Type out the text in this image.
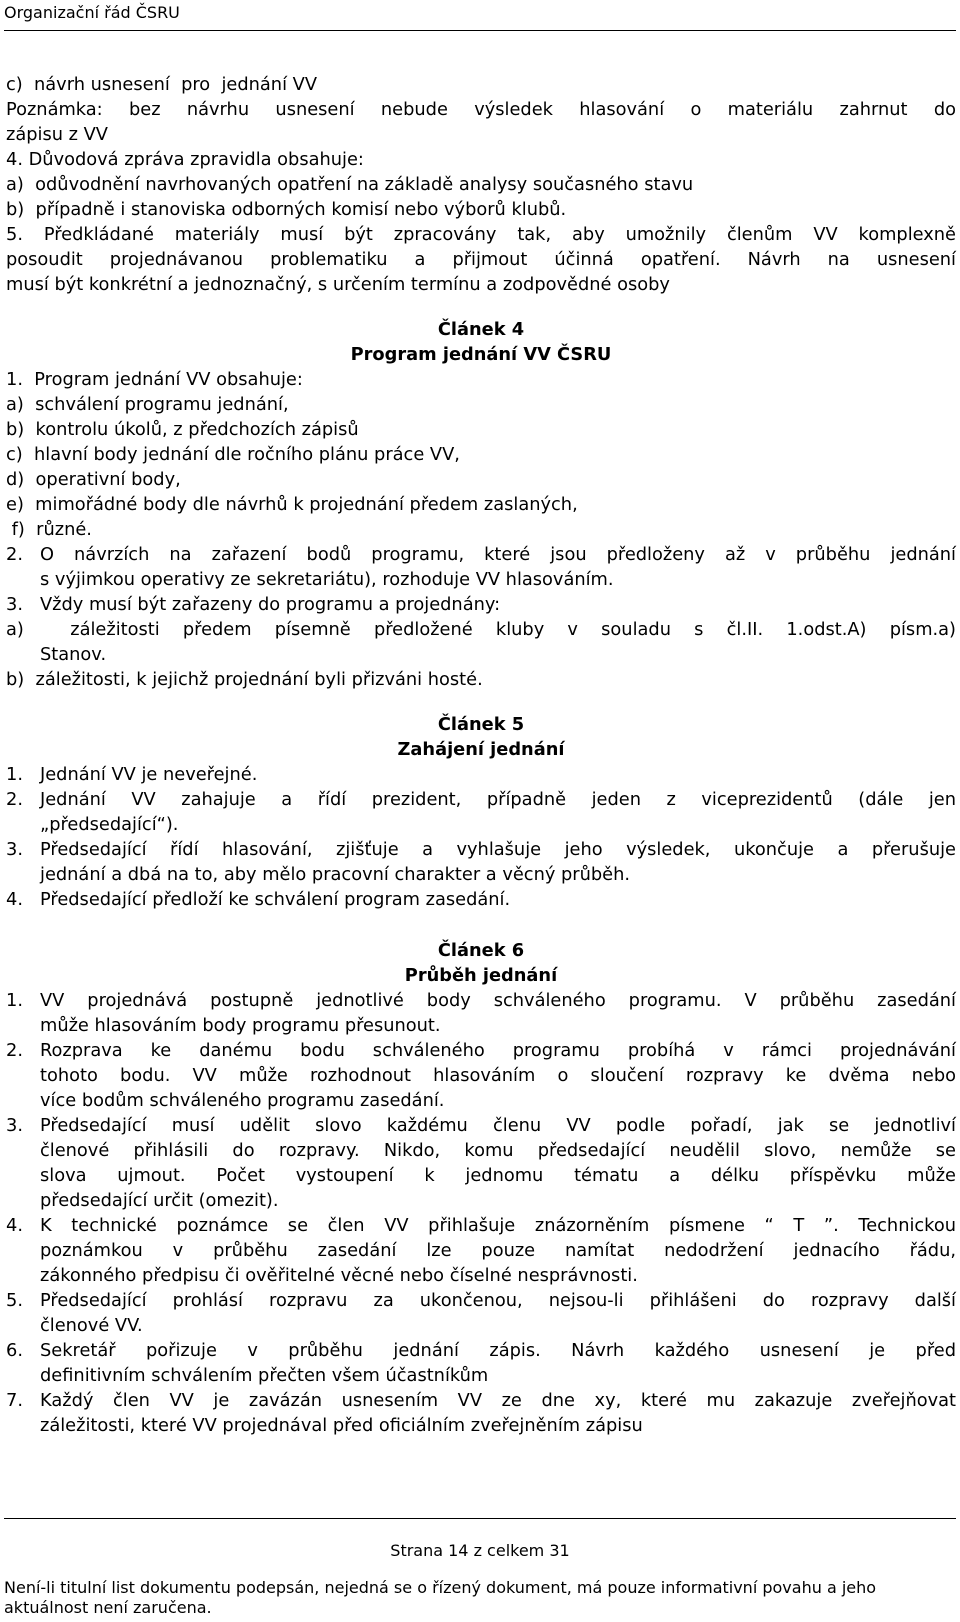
Organizační řád ČSRU
c)  návrh usnesení  pro  jednání VV
Poznámka: bez návrhu usnesení nebude výsledek hlasování o materiálu zahrnut do
zápisu z VV
4. Důvodová zpráva zpravidla obsahuje:
a)  odůvodnění navrhovaných opatření na základě analysy současného stavu
b)  případně i stanoviska odborných komisí nebo výborů klubů.
5. Předkládané materiály musí být zpracovány tak, aby umožnily členům VV komplexně
posoudit projednávanou problematiku a přijmout účinná opatření. Návrh na usnesení
musí být konkrétní a jednoznačný, s určením termínu a zodpovědné osoby
Článek 4
Program jednání VV ČSRU
1.  Program jednání VV obsahuje:
a)  schválení programu jednání,
b)  kontrolu úkolů, z předchozích zápisů
c)  hlavní body jednání dle ročního plánu práce VV,
d)  operativní body,
e)  mimořádné body dle návrhů k projednání předem zaslaných,
f)  různé.
2. O návrzích na zařazení bodů programu, které jsou předloženy až v průběhu jednání
s výjimkou operativy ze sekretariátu), rozhoduje VV hlasováním.
3. Vždy musí být zařazeny do programu a projednány:
a)  záležitosti předem písemně předložené kluby v souladu s čl.II. 1.odst.A) písm.a)
Stanov.
b)  záležitosti, k jejichž projednání byli přizváni hosté.
Článek 5
Zahájení jednání
1. Jednání VV je neveřejné.
2. Jednání VV zahajuje a řídí prezident, případně jeden z viceprezidentů (dále jen
„předsedající“).
3. Předsedající řídí hlasování, zjišťuje a vyhlašuje jeho výsledek, ukončuje a přerušuje
jednání a dbá na to, aby mělo pracovní charakter a věcný průběh.
4. Předsedající předloží ke schválení program zasedání.
Článek 6
Průběh jednání
1. VV projednává postupně jednotlivé body schváleného programu. V průběhu zasedání
může hlasováním body programu přesunout.
2. Rozprava ke danému bodu schváleného programu probíhá v rámci projednávání
tohoto bodu. VV může rozhodnout hlasováním o sloučení rozpravy ke dvěma nebo
více bodům schváleného programu zasedání.
3. Předsedající musí udělit slovo každému členu VV podle pořadí, jak se jednotliví
členové přihlásili do rozpravy. Nikdo, komu předsedající neudělil slovo, nemůže se
slova ujmout. Počet vystoupení k jednomu tématu a délku příspěvku může
předsedající určit (omezit).
4. K technické poznámce se člen VV přihlašuje znázorněním písmene “ T ”. Technickou
poznámkou v průběhu zasedání lze pouze namítat nedodržení jednacího řádu,
zákonného předpisu či ověřitelné věcné nebo číselné nesprávnosti.
5. Předsedající prohlásí rozpravu za ukončenou, nejsou-li přihlášeni do rozpravy další
členové VV.
6. Sekretář pořizuje v průběhu jednání zápis. Návrh každého usnesení je před
definitivním schválením přečten všem účastníkům
7. Každý člen VV je zavázán usnesením VV ze dne xy, které mu zakazuje zveřejňovat
záležitosti, které VV projednával před oficiálním zveřejněním zápisu
Strana 14 z celkem 31
Není-li titulní list dokumentu podepsán, nejedná se o řízený dokument, má pouze informativní povahu a jeho aktuálnost není zaručena.
